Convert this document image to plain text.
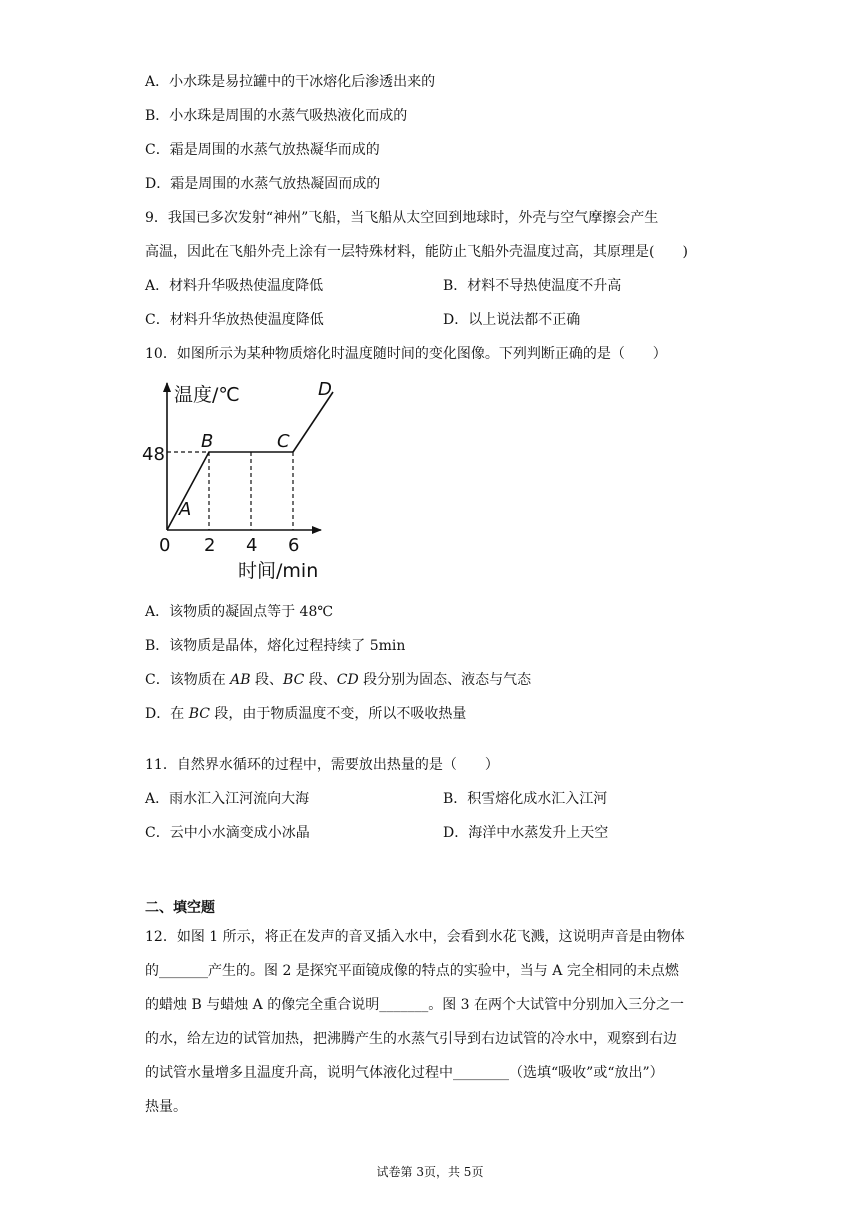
A．小水珠是易拉罐中的干冰熔化后渗透出来的
B．小水珠是周围的水蒸气吸热液化而成的
C．霜是周围的水蒸气放热凝华而成的
D．霜是周围的水蒸气放热凝固而成的
9．我国已多次发射“神州”飞船，当飞船从太空回到地球时，外壳与空气摩擦会产生
高温，因此在飞船外壳上涂有一层特殊材料，能防止飞船外壳温度过高，其原理是(　　)
A．材料升华吸热使温度降低	B．材料不导热使温度不升高
C．材料升华放热使温度降低	D．以上说法都不正确
10．如图所示为某种物质熔化时温度随时间的变化图像。下列判断正确的是（　　）
温度/℃
时间/min
48
0 2 4 6
A
B	C
D
A．该物质的凝固点等于 48℃
B．该物质是晶体，熔化过程持续了 5min
C．该物质在 AB 段、BC 段、CD 段分别为固态、液态与气态
D．在 BC 段，由于物质温度不变，所以不吸收热量
11．自然界水循环的过程中，需要放出热量的是（　　）
A．雨水汇入江河流向大海	B．积雪熔化成水汇入江河
C．云中小水滴变成小冰晶	D．海洋中水蒸发升上天空
二、填空题
12．如图 1 所示，将正在发声的音叉插入水中，会看到水花飞溅，这说明声音是由物体
的_______产生的。图 2 是探究平面镜成像的特点的实验中，当与 A 完全相同的未点燃
的蜡烛 B 与蜡烛 A 的像完全重合说明_______。图 3 在两个大试管中分别加入三分之一
的水，给左边的试管加热，把沸腾产生的水蒸气引导到右边试管的冷水中，观察到右边
的试管水量增多且温度升高，说明气体液化过程中________（选填“吸收”或“放出”）
热量。
试卷第 3页，共 5页
